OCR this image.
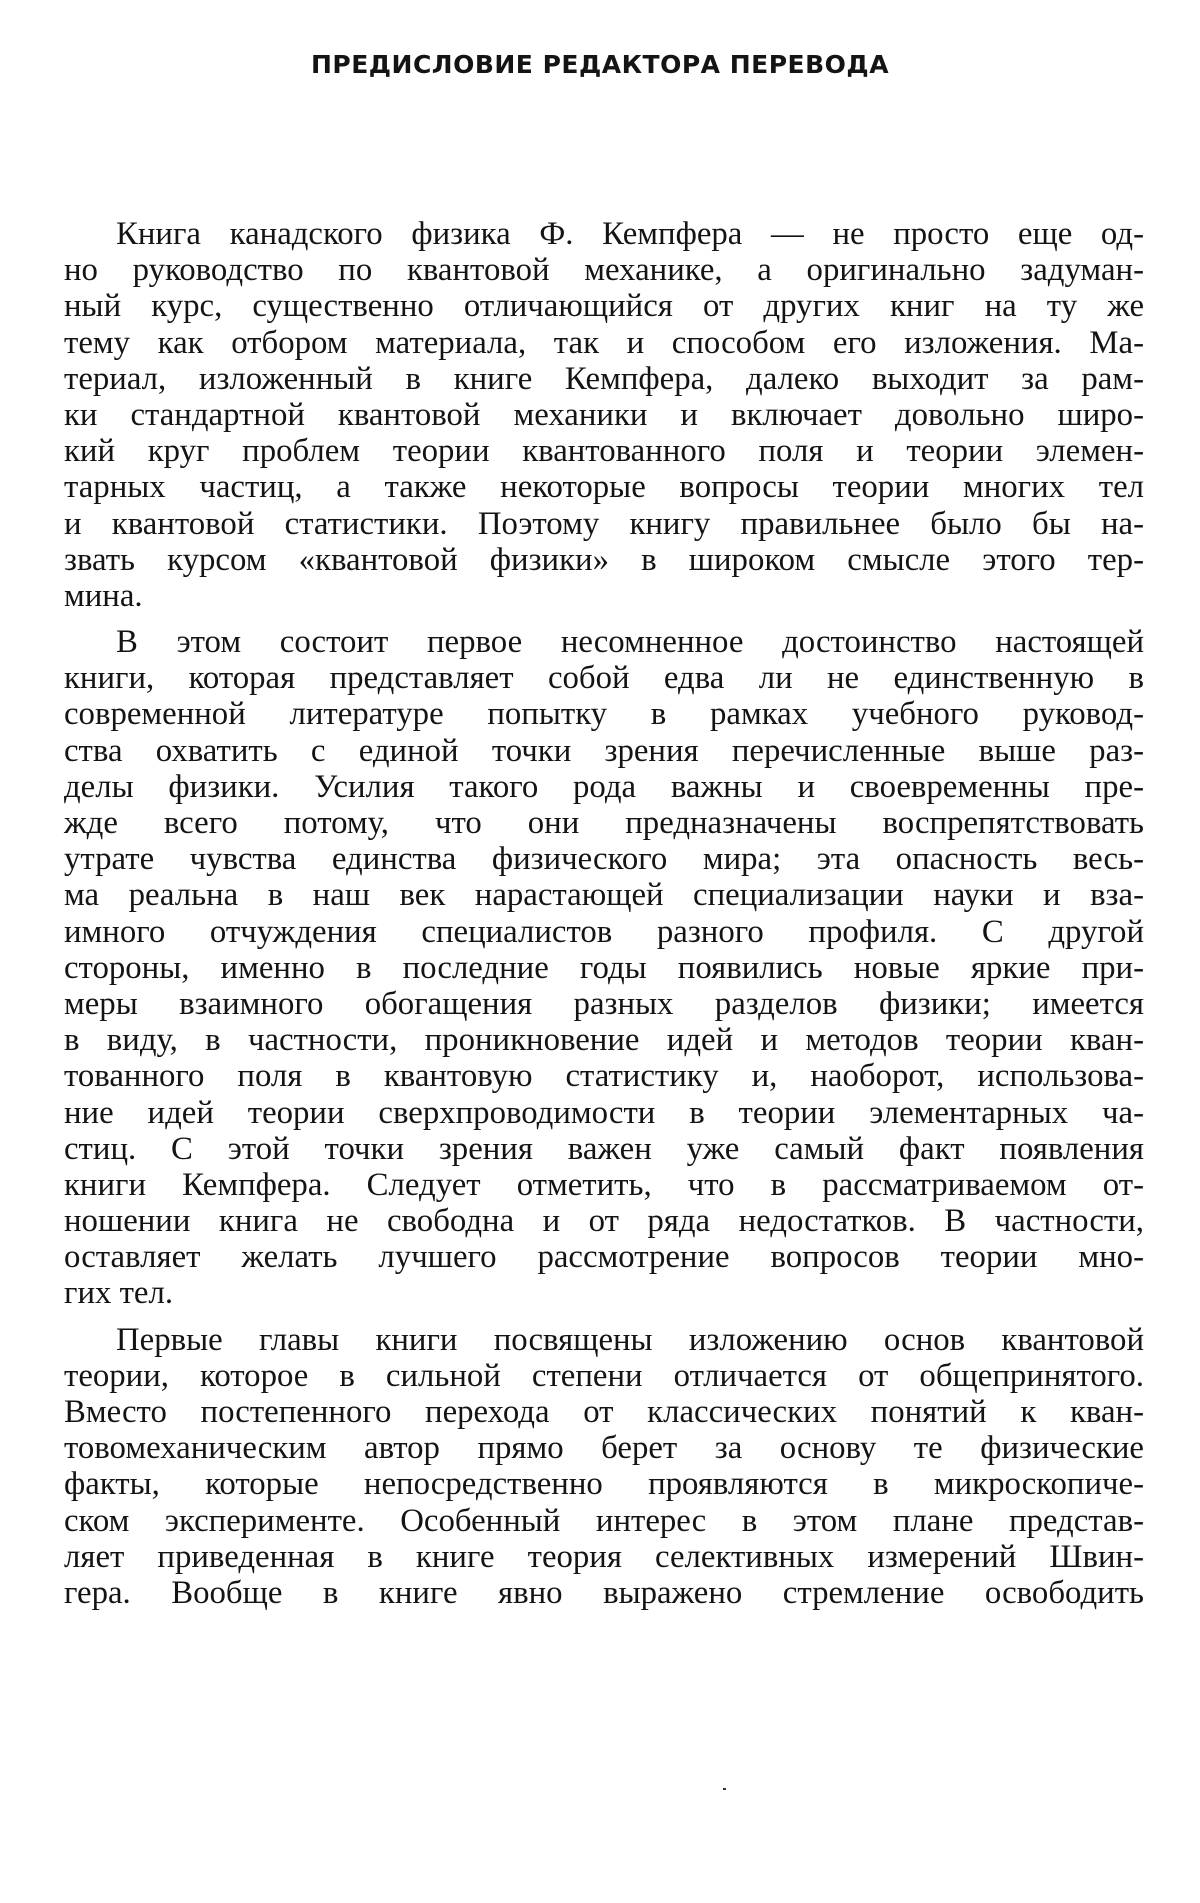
ПРЕДИСЛОВИЕ РЕДАКТОРА ПЕРЕВОДА
Книга канадского физика Ф. Кемпфера — не просто еще од-
но руководство по квантовой механике, а оригинально задуман-
ный курс, существенно отличающийся от других книг на ту же
тему как отбором материала, так и способом его изложения. Ма-
териал, изложенный в книге Кемпфера, далеко выходит за рам-
ки стандартной квантовой механики и включает довольно широ-
кий круг проблем теории квантованного поля и теории элемен-
тарных частиц, а также некоторые вопросы теории многих тел
и квантовой статистики. Поэтому книгу правильнее было бы на-
звать курсом «квантовой физики» в широком смысле этого тер-
мина.
В этом состоит первое несомненное достоинство настоящей
книги, которая представляет собой едва ли не единственную в
современной литературе попытку в рамках учебного руковод-
ства охватить с единой точки зрения перечисленные выше раз-
делы физики. Усилия такого рода важны и своевременны пре-
жде всего потому, что они предназначены воспрепятствовать
утрате чувства единства физического мира; эта опасность весь-
ма реальна в наш век нарастающей специализации науки и вза-
имного отчуждения специалистов разного профиля. С другой
стороны, именно в последние годы появились новые яркие при-
меры взаимного обогащения разных разделов физики; имеется
в виду, в частности, проникновение идей и методов теории кван-
тованного поля в квантовую статистику и, наоборот, использова-
ние идей теории сверхпроводимости в теории элементарных ча-
стиц. С этой точки зрения важен уже самый факт появления
книги Кемпфера. Следует отметить, что в рассматриваемом от-
ношении книга не свободна и от ряда недостатков. В частности,
оставляет желать лучшего рассмотрение вопросов теории мно-
гих тел.
Первые главы книги посвящены изложению основ квантовой
теории, которое в сильной степени отличается от общепринятого.
Вместо постепенного перехода от классических понятий к кван-
товомеханическим автор прямо берет за основу те физические
факты, которые непосредственно проявляются в микроскопиче-
ском эксперименте. Особенный интерес в этом плане представ-
ляет приведенная в книге теория селективных измерений Швин-
гера. Вообще в книге явно выражено стремление освободить
